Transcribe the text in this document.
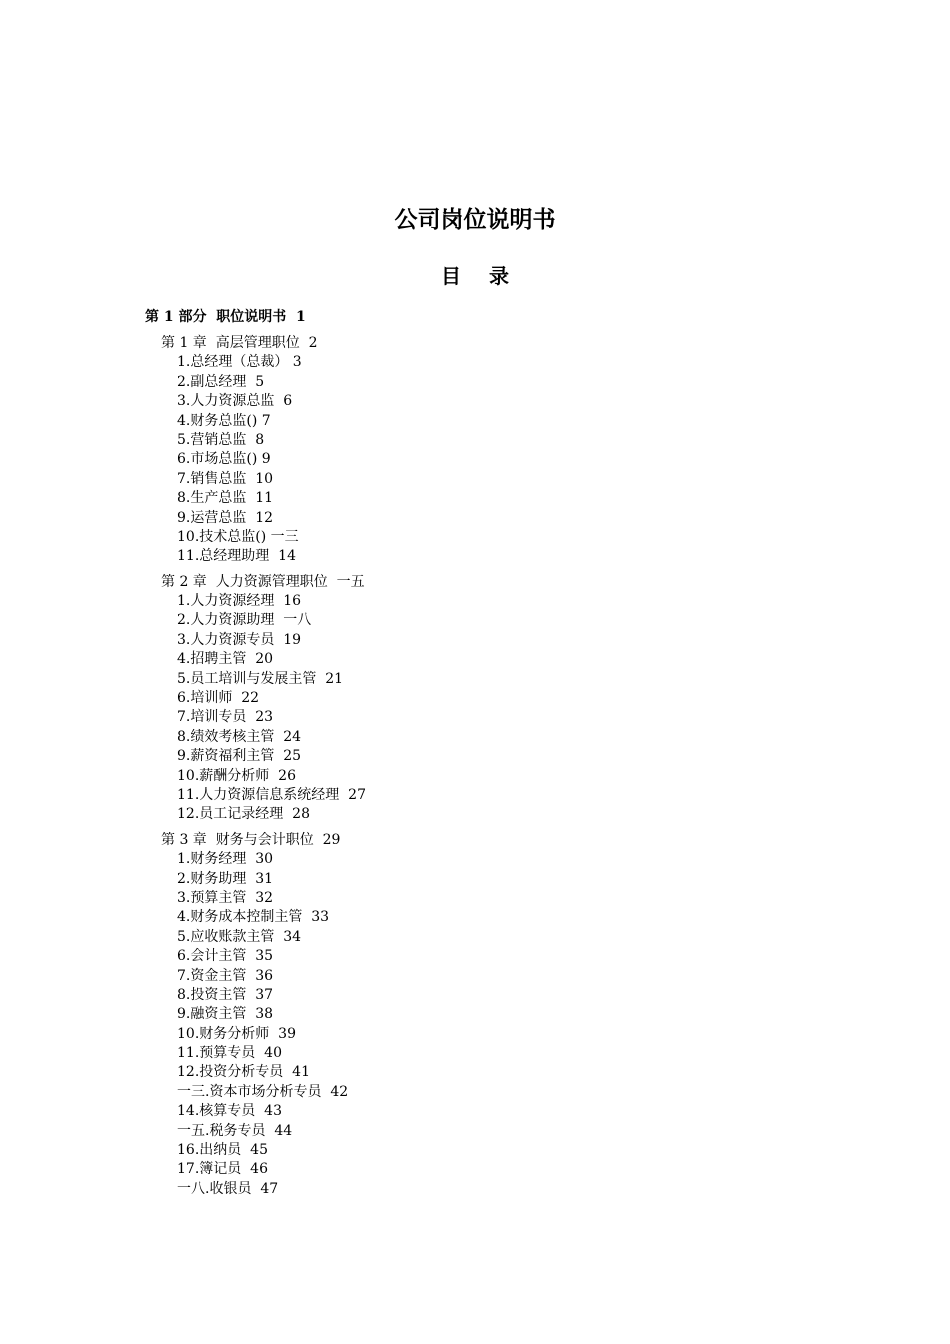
公司岗位说明书
目录
第 1 部分  职位说明书  1
第 1 章  高层管理职位  2
1.总经理（总裁） 3
2.副总经理  5
3.人力资源总监  6
4.财务总监() 7
5.营销总监  8
6.市场总监() 9
7.销售总监  10
8.生产总监  11
9.运营总监  12
10.技术总监() 一三
11.总经理助理  14
第 2 章  人力资源管理职位  一五
1.人力资源经理  16
2.人力资源助理  一八
3.人力资源专员  19
4.招聘主管  20
5.员工培训与发展主管  21
6.培训师  22
7.培训专员  23
8.绩效考核主管  24
9.薪资福利主管  25
10.薪酬分析师  26
11.人力资源信息系统经理  27
12.员工记录经理  28
第 3 章  财务与会计职位  29
1.财务经理  30
2.财务助理  31
3.预算主管  32
4.财务成本控制主管  33
5.应收账款主管  34
6.会计主管  35
7.资金主管  36
8.投资主管  37
9.融资主管  38
10.财务分析师  39
11.预算专员  40
12.投资分析专员  41
一三.资本市场分析专员  42
14.核算专员  43
一五.税务专员  44
16.出纳员  45
17.簿记员  46
一八.收银员  47
